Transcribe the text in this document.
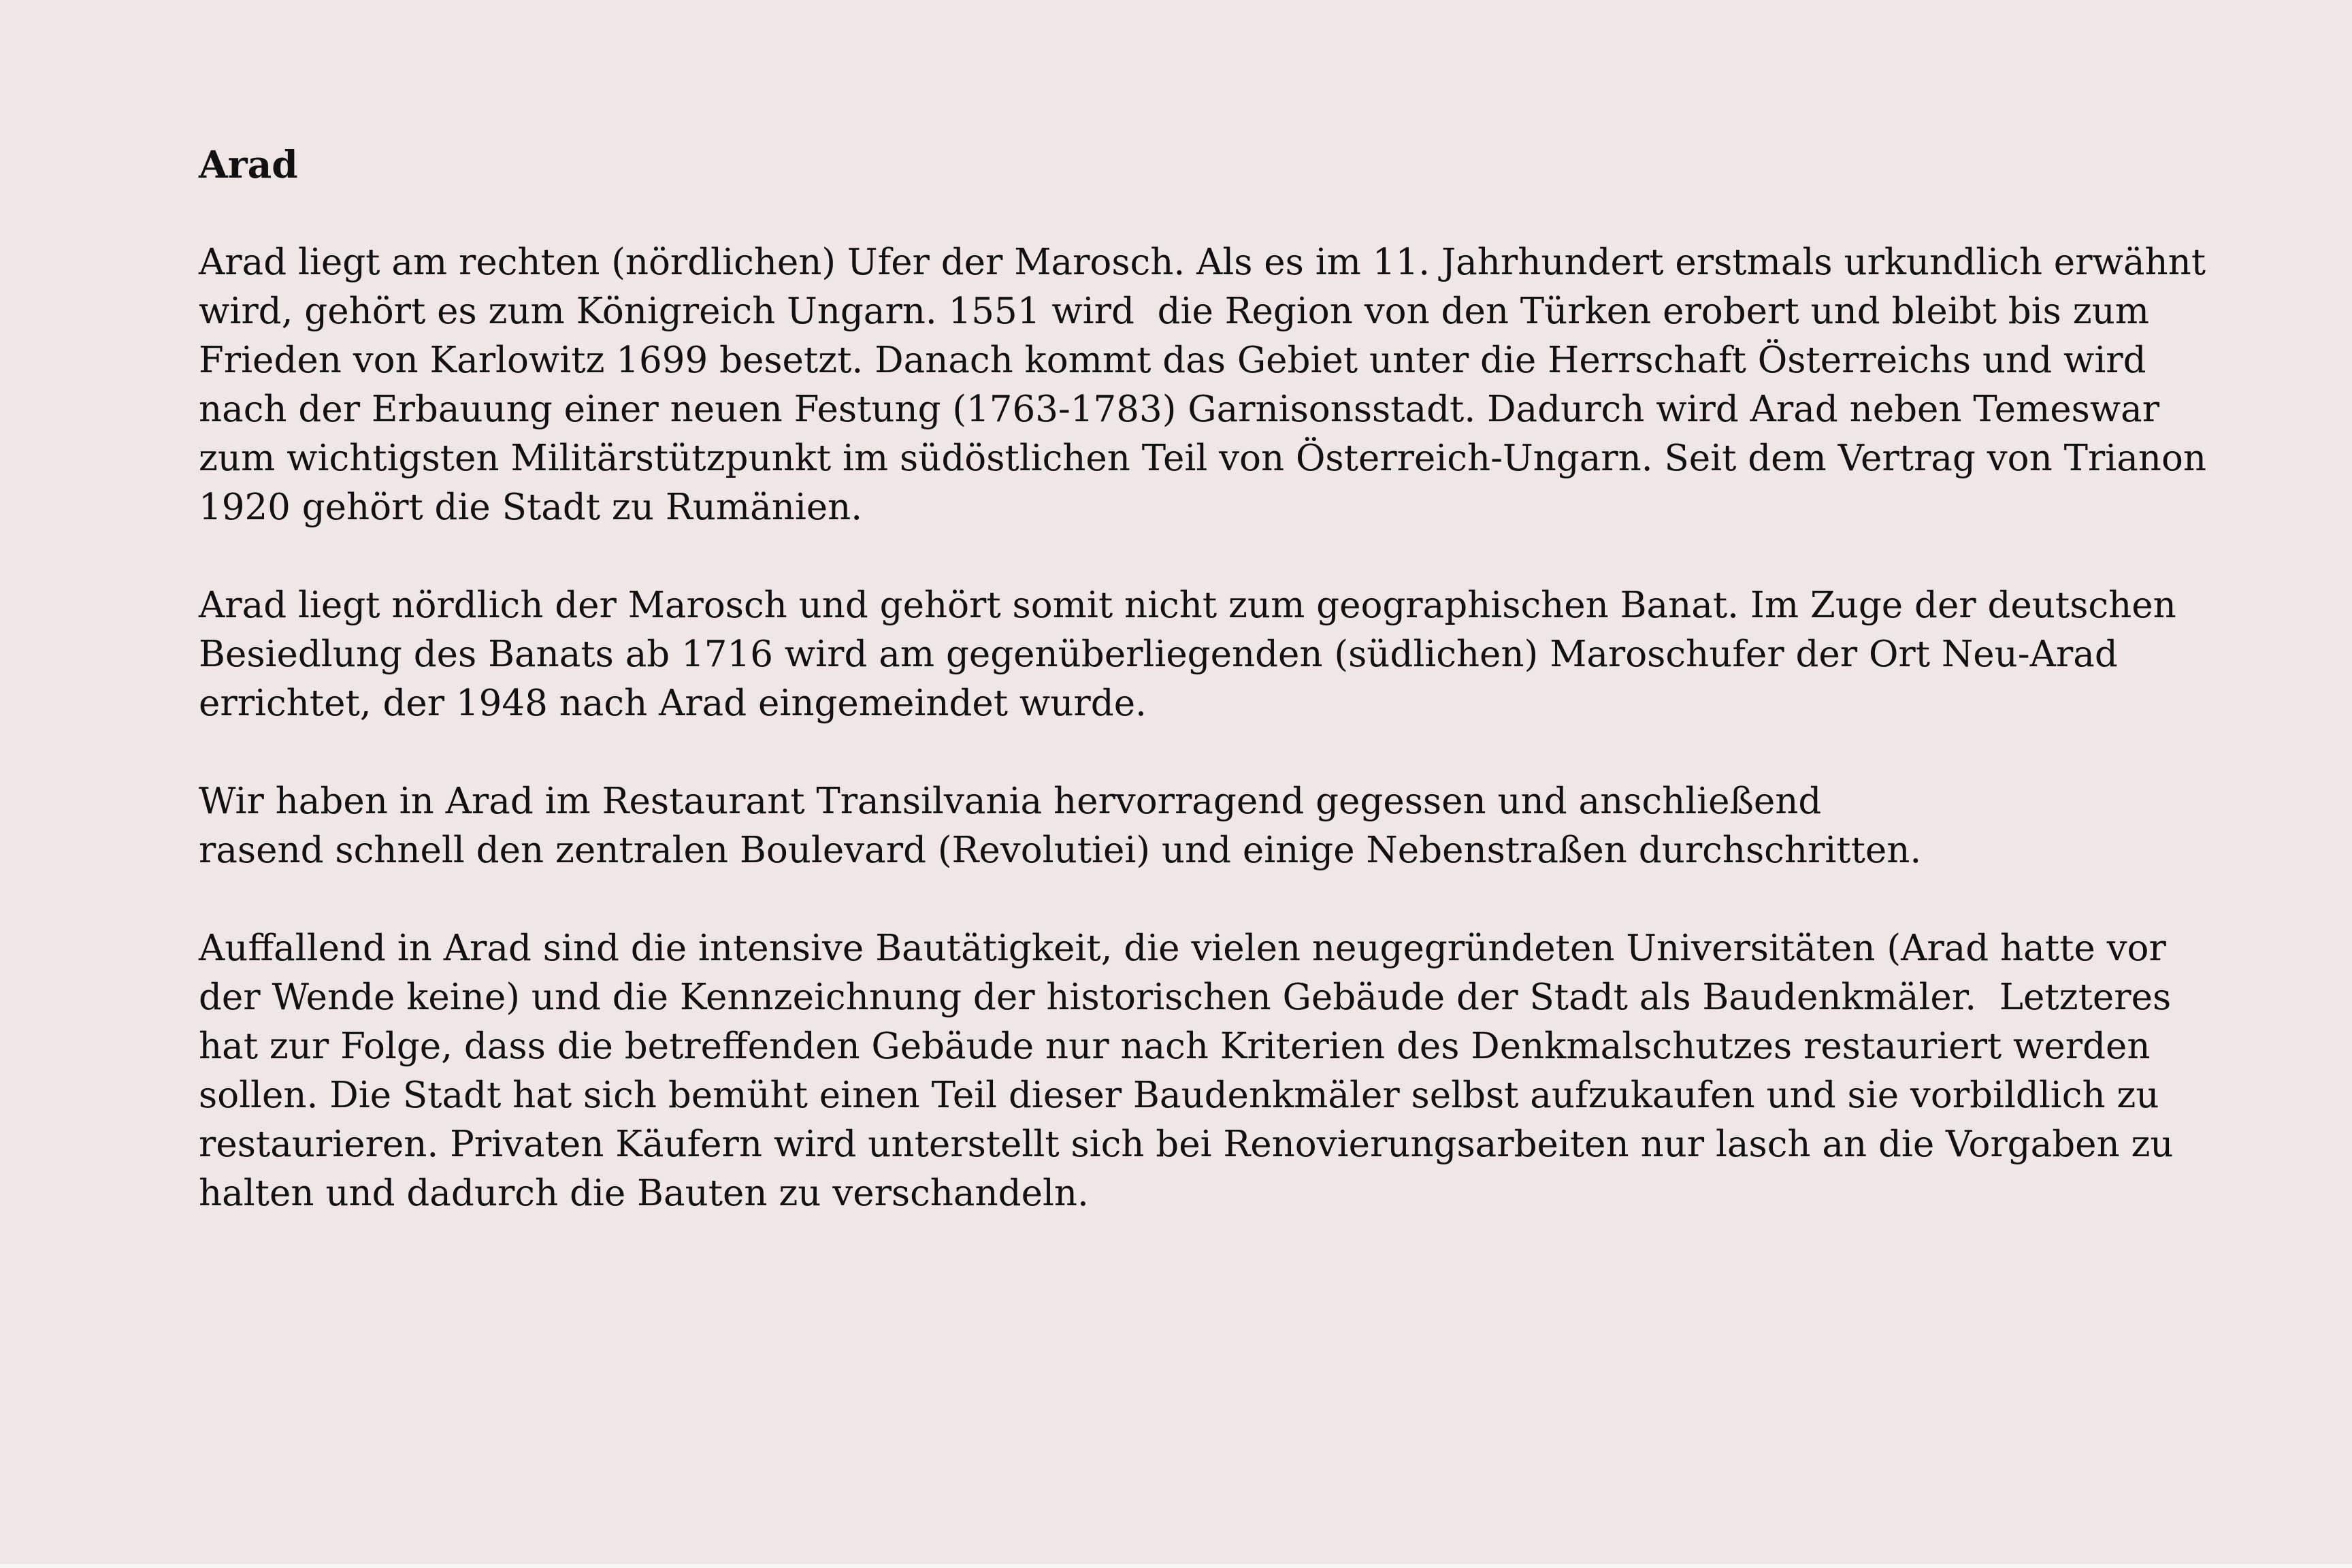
Arad

Arad liegt am rechten (nördlichen) Ufer der Marosch. Als es im 11. Jahrhundert erstmals urkundlich erwähnt
wird, gehört es zum Königreich Ungarn. 1551 wird  die Region von den Türken erobert und bleibt bis zum
Frieden von Karlowitz 1699 besetzt. Danach kommt das Gebiet unter die Herrschaft Österreichs und wird
nach der Erbauung einer neuen Festung (1763-1783) Garnisonsstadt. Dadurch wird Arad neben Temeswar
zum wichtigsten Militärstützpunkt im südöstlichen Teil von Österreich-Ungarn. Seit dem Vertrag von Trianon
1920 gehört die Stadt zu Rumänien.

Arad liegt nördlich der Marosch und gehört somit nicht zum geographischen Banat. Im Zuge der deutschen
Besiedlung des Banats ab 1716 wird am gegenüberliegenden (südlichen) Maroschufer der Ort Neu-Arad
errichtet, der 1948 nach Arad eingemeindet wurde.

Wir haben in Arad im Restaurant Transilvania hervorragend gegessen und anschließend
rasend schnell den zentralen Boulevard (Revolutiei) und einige Nebenstraßen durchschritten.

Auffallend in Arad sind die intensive Bautätigkeit, die vielen neugegründeten Universitäten (Arad hatte vor
der Wende keine) und die Kennzeichnung der historischen Gebäude der Stadt als Baudenkmäler.  Letzteres
hat zur Folge, dass die betreffenden Gebäude nur nach Kriterien des Denkmalschutzes restauriert werden
sollen. Die Stadt hat sich bemüht einen Teil dieser Baudenkmäler selbst aufzukaufen und sie vorbildlich zu
restaurieren. Privaten Käufern wird unterstellt sich bei Renovierungsarbeiten nur lasch an die Vorgaben zu
halten und dadurch die Bauten zu verschandeln.
